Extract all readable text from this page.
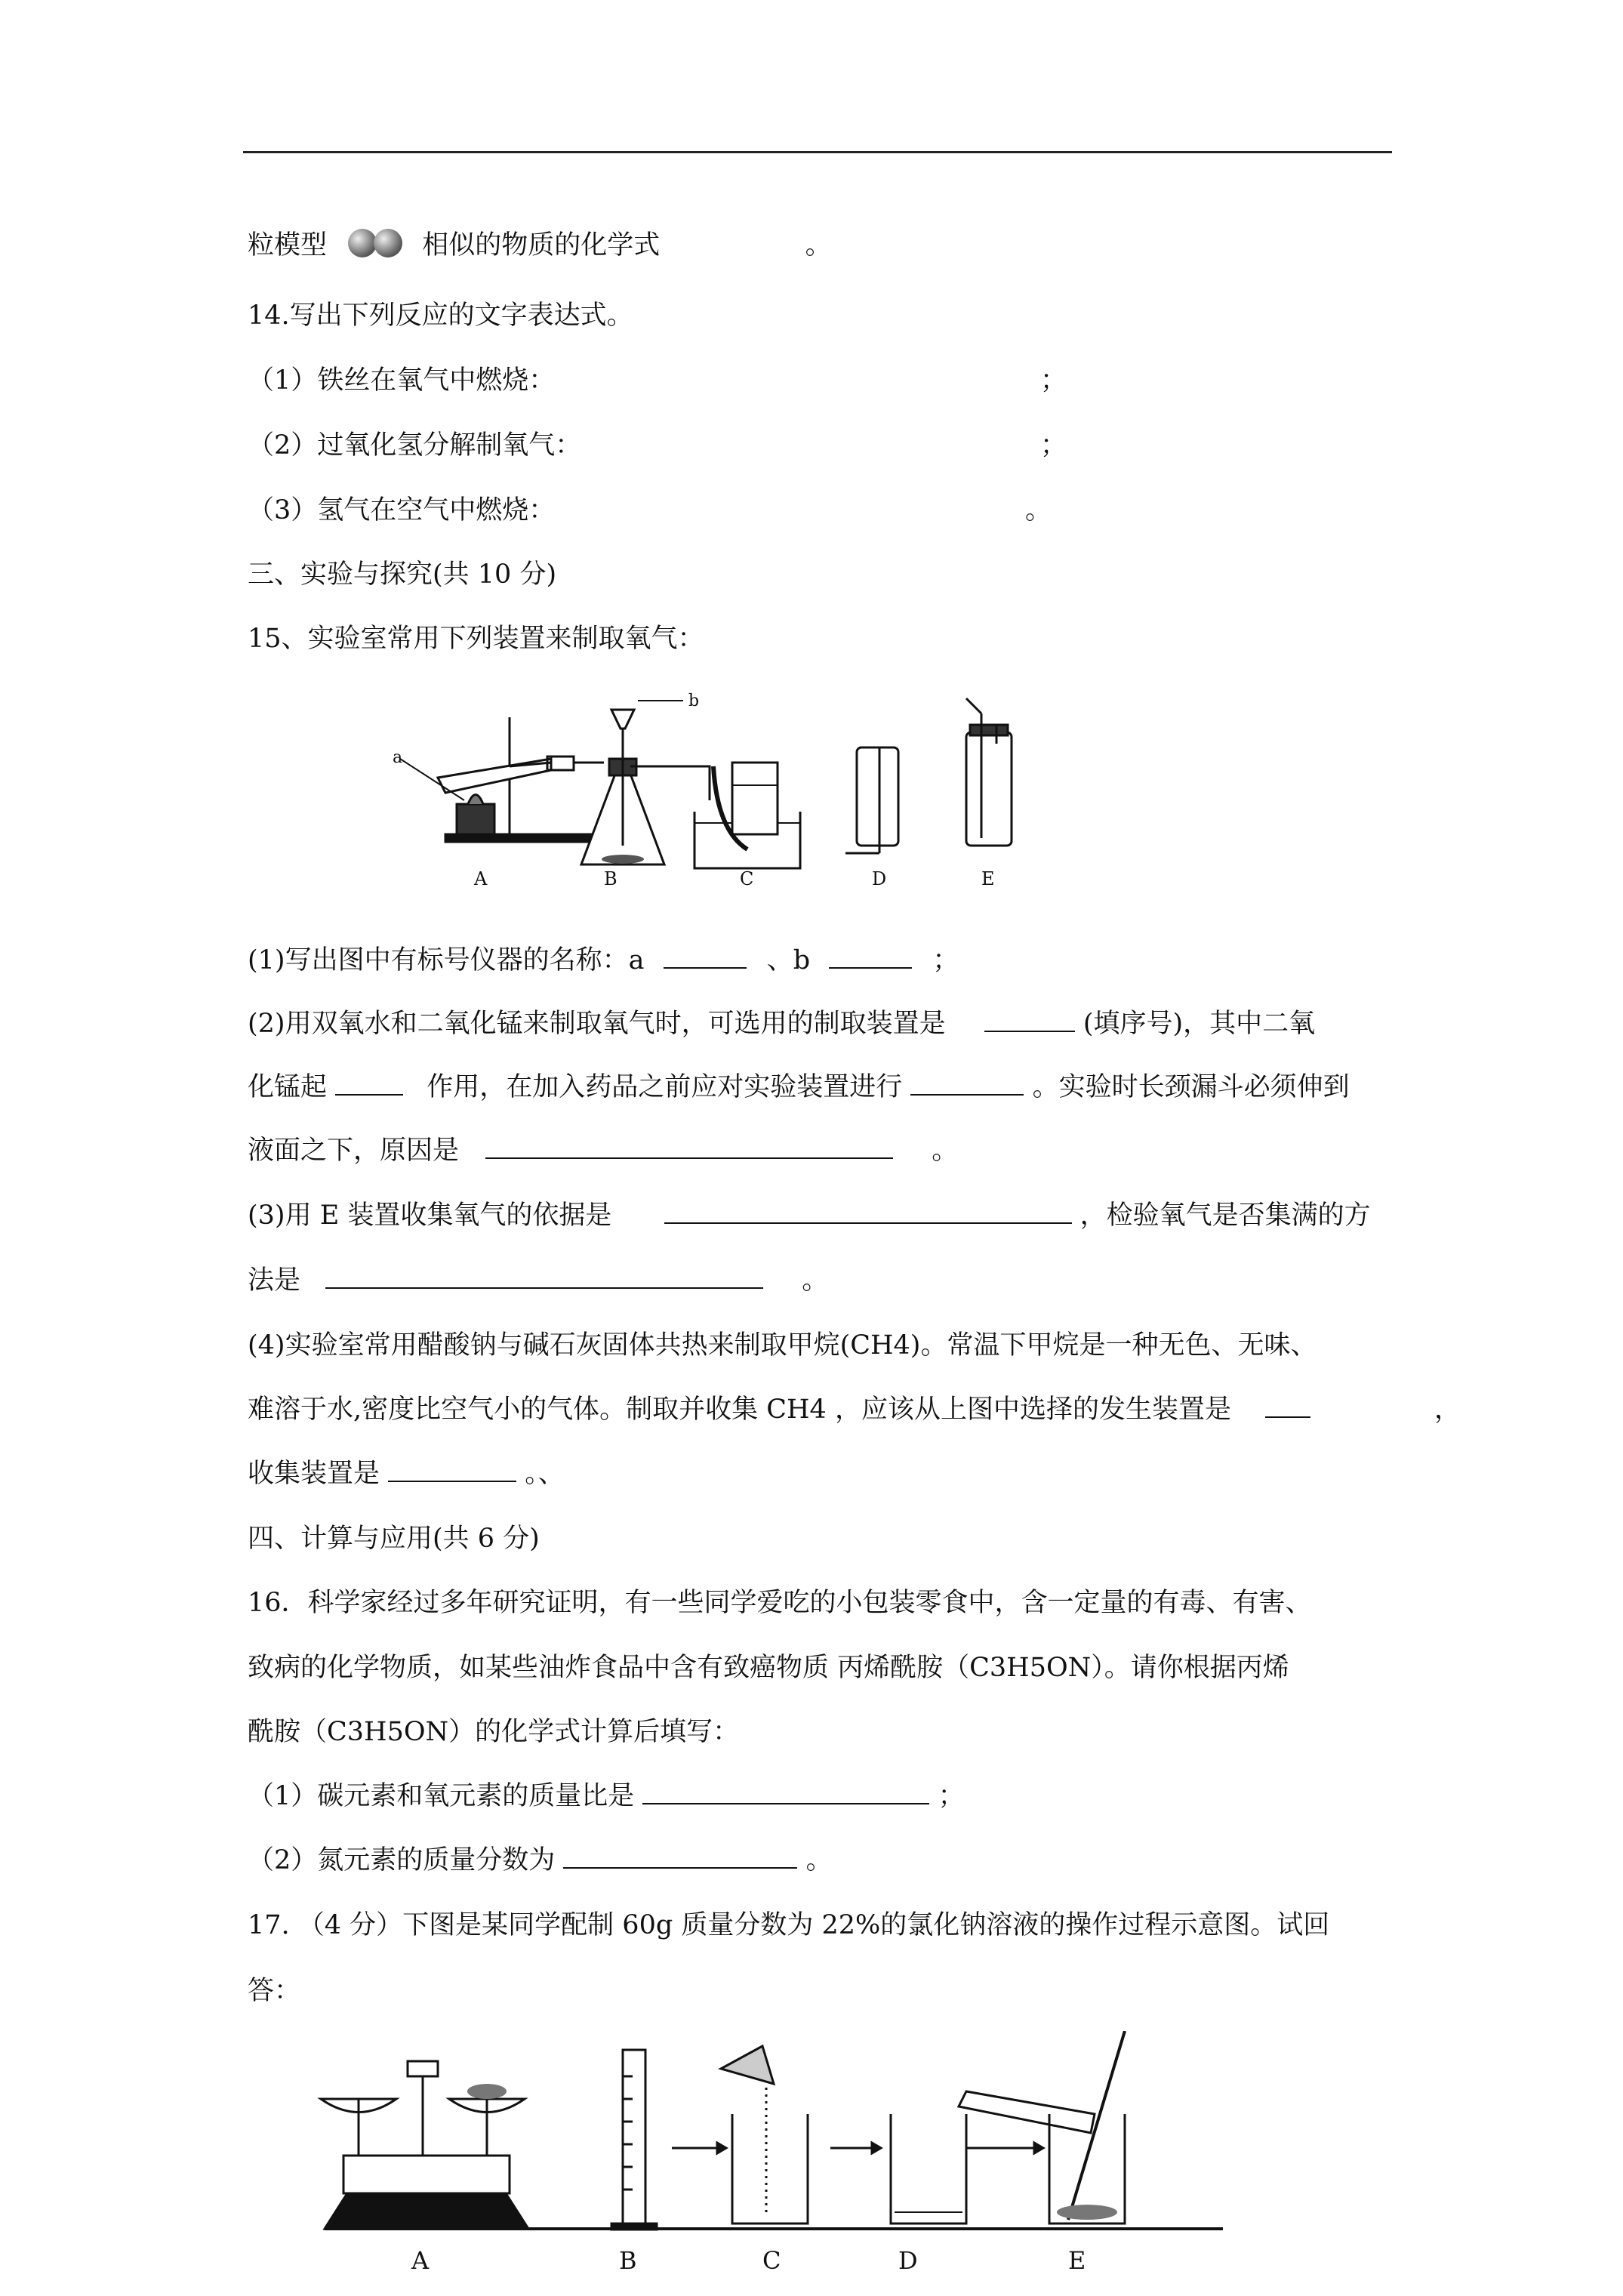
粒模型	相似的物质的化学式	。
14.写出下列反应的文字表达式。
（1）铁丝在氧气中燃烧：	；
（2）过氧化氢分解制氧气：	；
（3）氢气在空气中燃烧：	。
三、实验与探究(共 10 分)
15、实验室常用下列装置来制取氧气：
a
b
A	B	C	D	E
(1)写出图中有标号仪器的名称：a	、b	；
(2)用双氧水和二氧化锰来制取氧气时，可选用的制取装置是	(填序号)，其中二氧
化锰起	作用，在加入药品之前应对实验装置进行	。实验时长颈漏斗必须伸到
液面之下，原因是	。
(3)用 E 装置收集氧气的依据是	，检验氧气是否集满的方
法是	。
(4)实验室常用醋酸钠与碱石灰固体共热来制取甲烷(CH4)。常温下甲烷是一种无色、无味、
难溶于水,密度比空气小的气体。制取并收集 CH4 ，应该从上图中选择的发生装置是	，
收集装置是	。、
四、计算与应用(共 6 分)
16．科学家经过多年研究证明，有一些同学爱吃的小包装零食中，含一定量的有毒、有害、
致病的化学物质，如某些油炸食品中含有致癌物质 丙烯酰胺（C3H5ON）。请你根据丙烯
酰胺（C3H5ON）的化学式计算后填写：
（1）碳元素和氧元素的质量比是	；
（2）氮元素的质量分数为	。
17. （4 分）下图是某同学配制 60g 质量分数为 22%的氯化钠溶液的操作过程示意图。试回
答：
A	B	C	D	E
